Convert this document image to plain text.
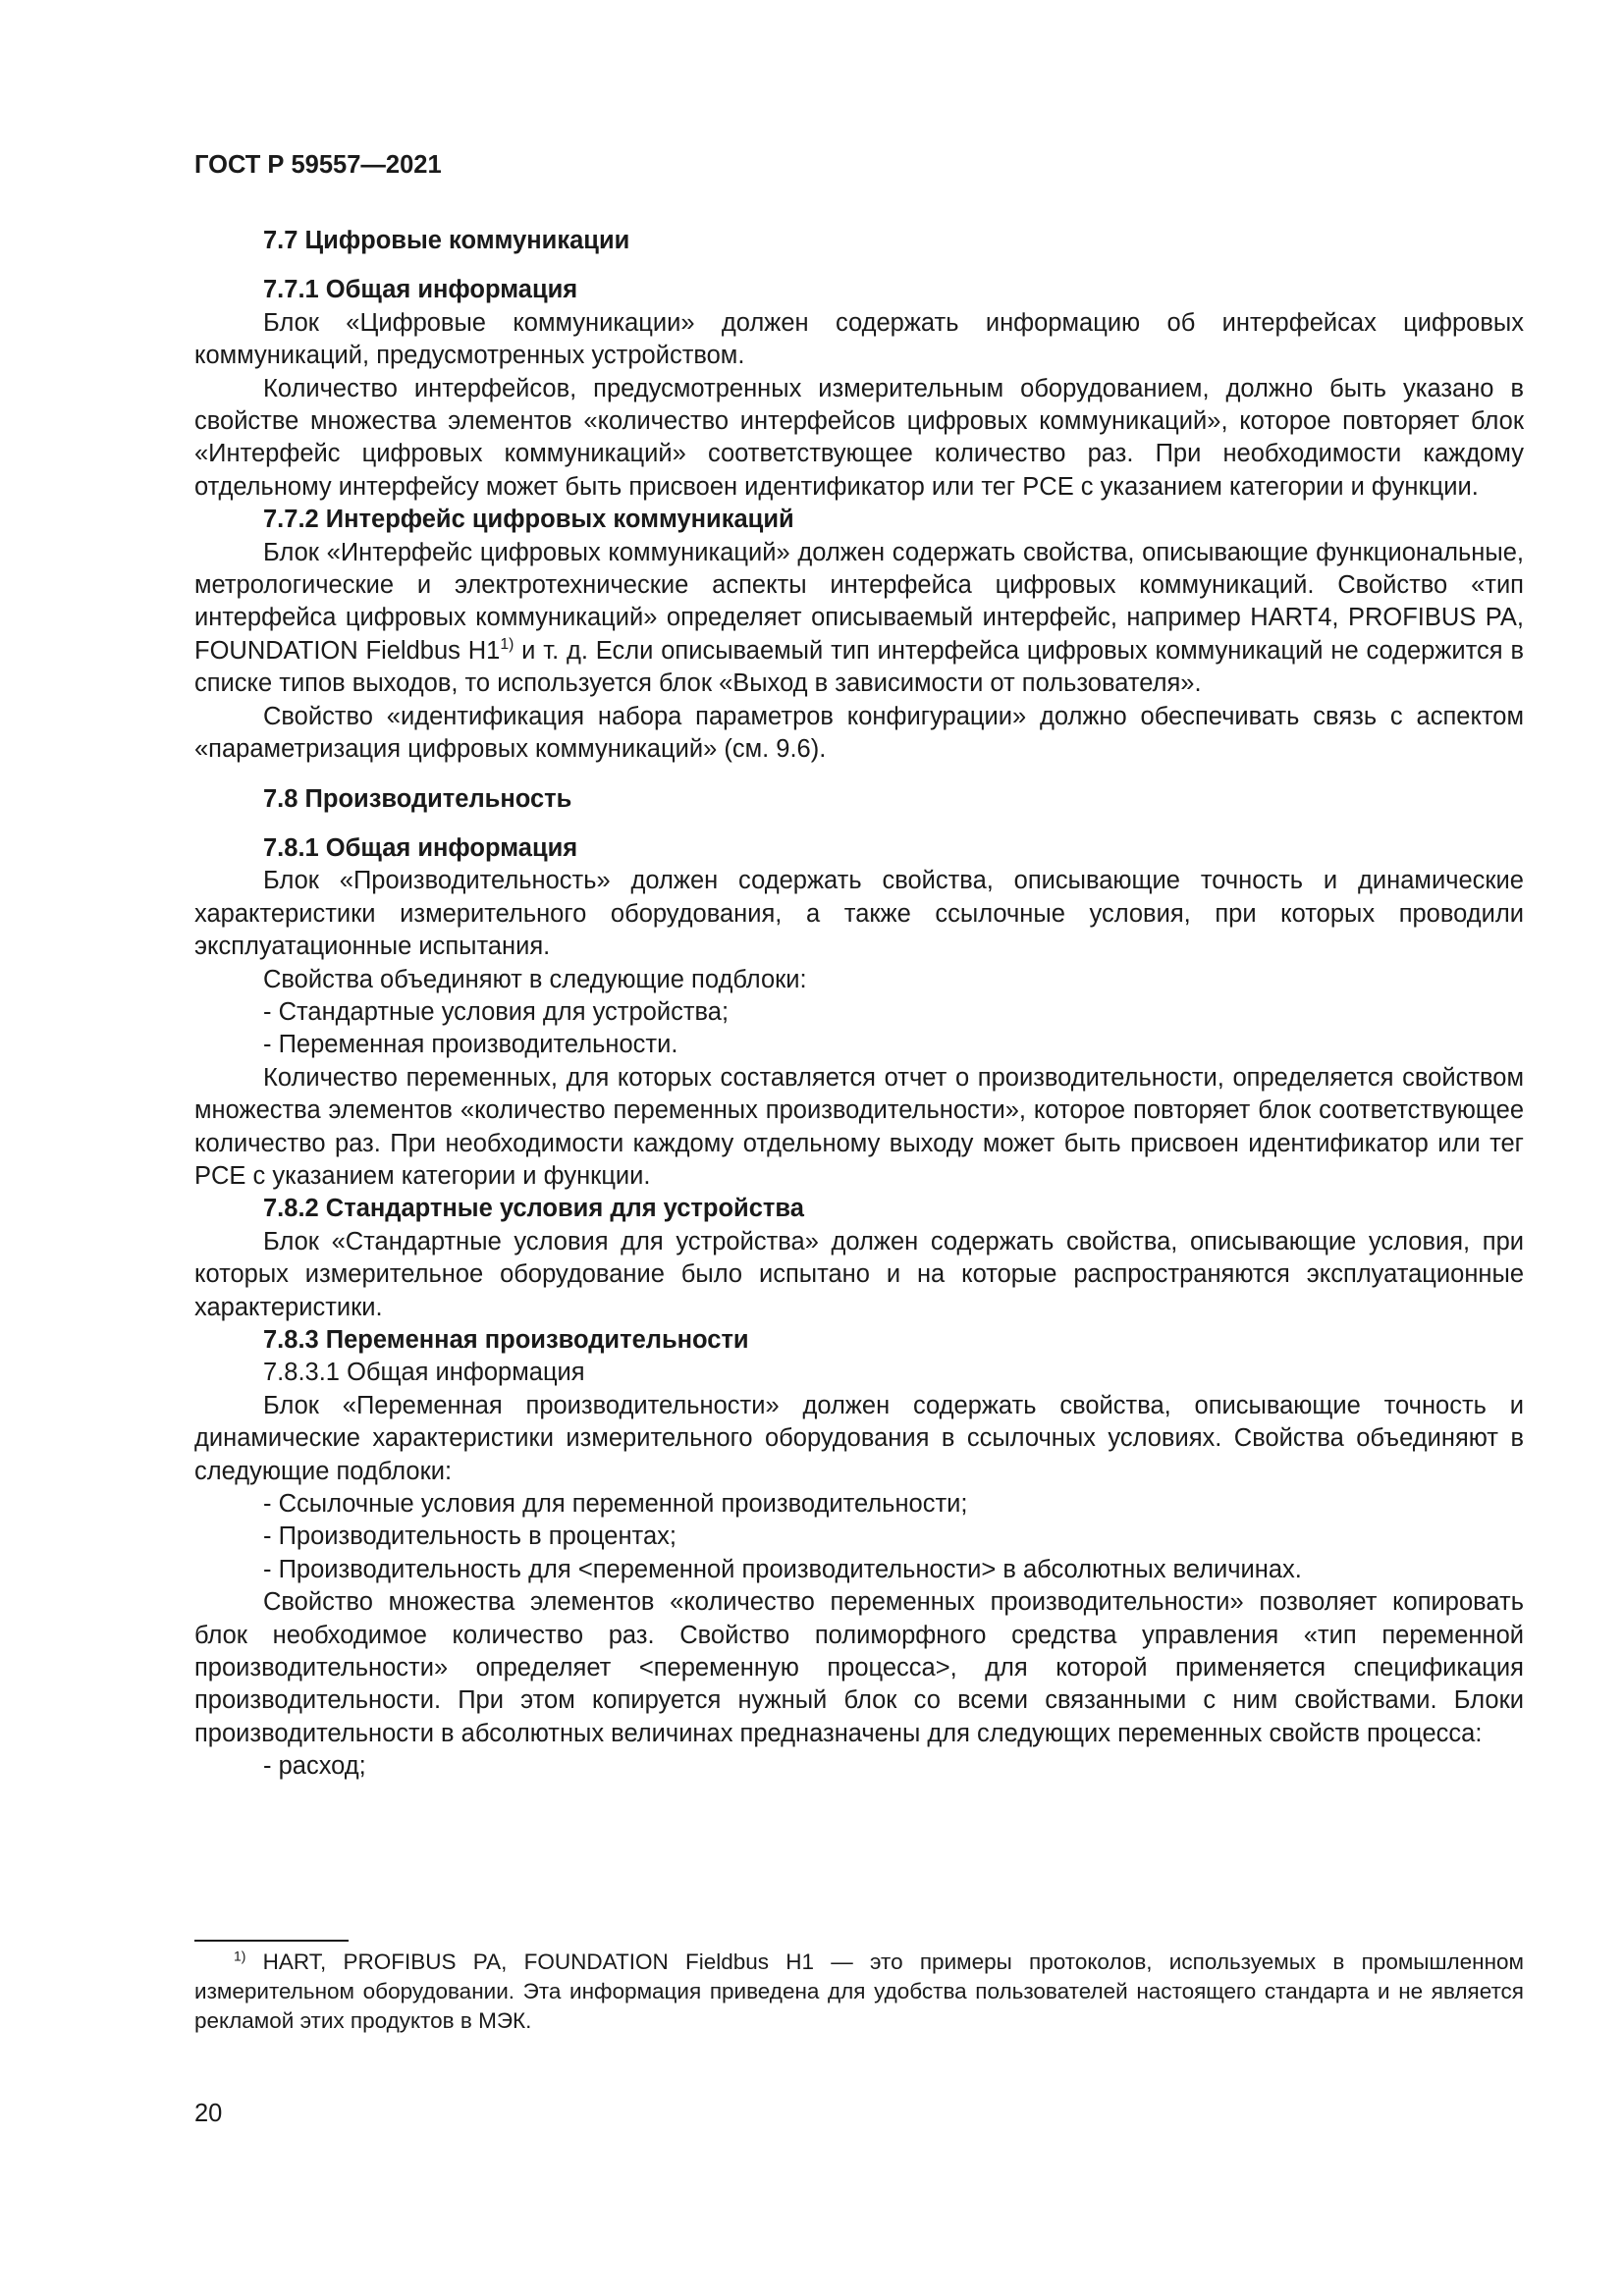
ГОСТ Р 59557—2021

7.7 Цифровые коммуникации

7.7.1 Общая информация

Блок «Цифровые коммуникации» должен содержать информацию об интерфейсах цифровых коммуникаций, предусмотренных устройством.

Количество интерфейсов, предусмотренных измерительным оборудованием, должно быть указано в свойстве множества элементов «количество интерфейсов цифровых коммуникаций», которое повторяет блок «Интерфейс цифровых коммуникаций» соответствующее количество раз. При необходимости каждому отдельному интерфейсу может быть присвоен идентификатор или тег PCE с указанием категории и функции.

7.7.2 Интерфейс цифровых коммуникаций

Блок «Интерфейс цифровых коммуникаций» должен содержать свойства, описывающие функциональные, метрологические и электротехнические аспекты интерфейса цифровых коммуникаций. Свойство «тип интерфейса цифровых коммуникаций» определяет описываемый интерфейс, например HART4, PROFIBUS PA, FOUNDATION Fieldbus H1$^{1)}$ и т. д. Если описываемый тип интерфейса цифровых коммуникаций не содержится в списке типов выходов, то используется блок «Выход в зависимости от пользователя».

Свойство «идентификация набора параметров конфигурации» должно обеспечивать связь с аспектом «параметризация цифровых коммуникаций» (см. 9.6).

7.8 Производительность

7.8.1 Общая информация

Блок «Производительность» должен содержать свойства, описывающие точность и динамические характеристики измерительного оборудования, а также ссылочные условия, при которых проводили эксплуатационные испытания.

Свойства объединяют в следующие подблоки:

- Стандартные условия для устройства;

- Переменная производительности.

Количество переменных, для которых составляется отчет о производительности, определяется свойством множества элементов «количество переменных производительности», которое повторяет блок соответствующее количество раз. При необходимости каждому отдельному выходу может быть присвоен идентификатор или тег PCE с указанием категории и функции.

7.8.2 Стандартные условия для устройства

Блок «Стандартные условия для устройства» должен содержать свойства, описывающие условия, при которых измерительное оборудование было испытано и на которые распространяются эксплуатационные характеристики.

7.8.3 Переменная производительности

7.8.3.1 Общая информация

Блок «Переменная производительности» должен содержать свойства, описывающие точность и динамические характеристики измерительного оборудования в ссылочных условиях. Свойства объединяют в следующие подблоки:

- Ссылочные условия для переменной производительности;

- Производительность в процентах;

- Производительность для <переменной производительности> в абсолютных величинах.

Свойство множества элементов «количество переменных производительности» позволяет копировать блок необходимое количество раз. Свойство полиморфного средства управления «тип переменной производительности» определяет <переменную процесса>, для которой применяется спецификация производительности. При этом копируется нужный блок со всеми связанными с ним свойствами. Блоки производительности в абсолютных величинах предназначены для следующих переменных свойств процесса:

- расход;

$^{1)}$ HART, PROFIBUS PA, FOUNDATION Fieldbus H1 — это примеры протоколов, используемых в промышленном измерительном оборудовании. Эта информация приведена для удобства пользователей настоящего стандарта и не является рекламой этих продуктов в МЭК.

20
